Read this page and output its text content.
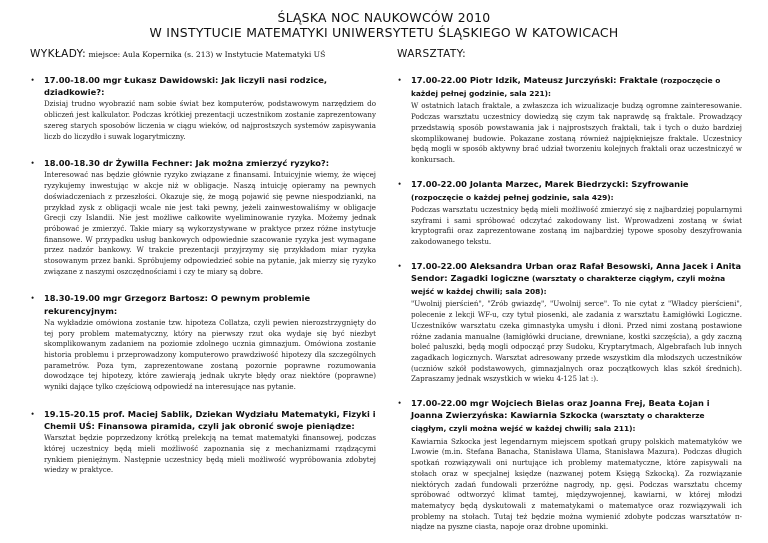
ŚLĄSKA NOC NAUKOWCÓW 2010
W INSTYTUCIE MATEMATYKI UNIWERSYTETU ŚLĄSKIEGO W KATOWICACH
WYKŁADY: miejsce: Aula Kopernika (s. 213) w Instytucie Matematyki UŚ
• 17.00-18.00 mgr Łukasz Dawidowski: Jak liczyli nasi rodzice, dziadkowie?:
Dzisiaj trudno wyobrazić nam sobie świat bez komputerów, podstawowym narzędziem do obliczeń jest kalkulator. Podczas krótkiej prezentacji uczestnikom zostanie zaprezentowany szereg starych sposobów liczenia w ciągu wieków, od najprostszych systemów zapisywania liczb do liczydło i suwak logarytmiczny.
• 18.00-18.30 dr Żywilla Fechner: Jak można zmierzyć ryzyko?:
Interesować nas będzie głównie ryzyko związane z finansami. Intuicyjnie wiemy, że więcej ryzykujemy inwestując w akcje niż w obligacje. Naszą intuicję opieramy na pewnych doświadczeniach z przeszłości. Okazuje się, że mogą pojawić się pewne niespodzianki, na przykład zysk z obligacji wcale nie jest taki pewny, jeżeli zainwestowaliśmy w obligacje Grecji czy Islandii. Nie jest możliwe całkowite wyeliminowanie ryzyka. Możemy jednak próbować je zmierzyć. Takie miary są wykorzystywane w praktyce przez różne instytucje finansowe. W przypadku usług bankowych odpowiednie szacowanie ryzyka jest wymagane przez nadzór bankowy. W trakcie prezentacji przyjrzymy się przykładom miar ryzyka stosowanym przez banki. Spróbujemy odpowiedzieć sobie na pytanie, jak mierzy się ryzyko związane z naszymi oszczędnościami i czy te miary są dobre.
• 18.30-19.00 mgr Grzegorz Bartosz: O pewnym problemie rekurencyjnym:
Na wykładzie omówiona zostanie tzw. hipoteza Collatza, czyli pewien nierozstrzygnięty do tej pory problem matematyczny, który na pierwszy rzut oka wydaje się być niezbyt skomplikowanym zadaniem na poziomie zdolnego ucznia gimnazjum. Omówiona zostanie historia problemu i przeprowadzony komputerowo prawdziwość hipotezy dla szczególnych parametrów. Poza tym, zaprezentowane zostaną pozornie poprawne rozumowania dowodzące tej hipotezy, które zawierają jednak ukryte błędy oraz niektóre (poprawne) wyniki dające tylko częściową odpowiedź na interesujące nas pytanie.
• 19.15-20.15 prof. Maciej Sablik, Dziekan Wydziału Matematyki, Fizyki i Chemii UŚ: Finansowa piramida, czyli jak obronić swoje pieniądze:
Warsztat będzie poprzedzony krótką prelekcją na temat matematyki finansowej, podczas której uczestnicy będą mieli możliwość zapoznania się z mechanizmami rządzącymi rynkiem pieniężnym. Następnie uczestnicy będą mieli możliwość wypróbowania zdobytej wiedzy w praktyce.
WARSZTATY:
• 17.00-22.00 Piotr Idzik, Mateusz Jurczyński: Fraktale (rozpoczęcie o każdej pełnej godzinie, sala 221):
W ostatnich latach fraktale, a zwłaszcza ich wizualizacje budzą ogromne zainteresowanie. Podczas warsztatu uczestnicy dowiedzą się czym tak naprawdę są fraktale. Prowadzący przedstawią sposób powstawania jak i najprostszych fraktali, tak i tych o dużo bardziej skomplikowanej budowie. Pokazane zostaną również najpiękniejsze fraktale. Uczestnicy będą mogli w sposób aktywny brać udział tworzeniu kolejnych fraktali oraz uczestniczyć w konkursach.
• 17.00-22.00 Jolanta Marzec, Marek Biedrzycki: Szyfrowanie (rozpoczęcie o każdej pełnej godzinie, sala 429):
Podczas warsztatu uczestnicy będą mieli możliwość zmierzyć się z najbardziej popularnymi szyframi i sami spróbować odczytać zakodowany list. Wprowadzeni zostaną w świat kryptografii oraz zaprezentowane zostaną im najbardziej typowe sposoby deszyfrowania zakodowanego tekstu.
• 17.00-22.00 Aleksandra Urban oraz Rafał Besowski, Anna Jacek i Anita Sendor: Zagadki logiczne (warsztaty o charakterze ciągłym, czyli można wejść w każdej chwili; sala 208):
"Uwolnij pierścień", "Zrób gwiazdę", "Uwolnij serce". To nie cytat z "Władcy pierścieni", polecenie z lekcji WF-u, czy tytuł piosenki, ale zadania z warsztatu Łamigłówki Logiczne. Uczestników warsztatu czeka gimnastyka umysłu i dłoni. Przed nimi zostaną postawione różne zadania manualne (łamigłówki druciane, drewniane, kostki szczęścia), a gdy zaczną boleć paluszki, będą mogli odpocząć przy Sudoku, Kryptarytmach, Algebrafach lub innych zagadkach logicznych. Warsztat adresowany przede wszystkim dla młodszych uczestników (uczniów szkół podstawowych, gimnazjalnych oraz początkowych klas szkół średnich). Zapraszamy jednak wszystkich w wieku 4-125 lat :).
• 17.00-22.00 mgr Wojciech Bielas oraz Joanna Frej, Beata Łojan i Joanna Zwierzyńska: Kawiarnia Szkocka (warsztaty o charakterze ciągłym, czyli można wejść w każdej chwili; sala 211):
Kawiarnia Szkocka jest legendarnym miejscem spotkań grupy polskich matematyków we Lwowie (m.in. Stefana Banacha, Stanisława Ulama, Stanisława Mazura). Podczas długich spotkań rozwiązywali oni nurtujące ich problemy matematyczne, które zapisywali na stołach oraz w specjalnej księdze (nazwanej potem Księgą Szkocką). Za rozwiązanie niektórych zadań fundowali przeróżne nagrody, np. gęsi. Podczas warsztatu chcemy spróbować odtworzyć klimat tamtej, międzywojennej, kawiarni, w której młodzi matematycy będą dyskutowali z matematykami o matematyce oraz rozwiązywali ich problemy na stołach. Tutaj też będzie można wymienić zdobyte podczas warsztatów π-niądze na pyszne ciasta, napoje oraz drobne upominki.
